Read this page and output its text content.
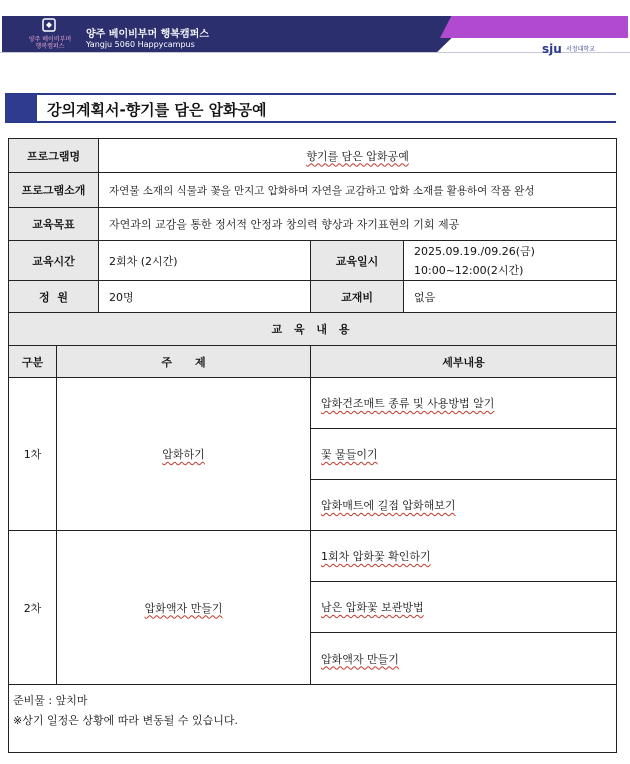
양주 베이비부머 행복캠퍼스
양주 베이비부머 행복캠퍼스
Yangju 5060 Happycampus	sju 서정대학교
강의계획서-향기를 담은 압화공예
프로그램명		향기를 담은 압화공예		
프로그램소개		자연물 소재의 식물과 꽃을 만지고 압화하며 자연을 교감하고 압화 소재를 활용하여 작품 완성		
교육목표		자연과의 교감을 통한 정서적 안정과 창의력 향상과 자기표현의 기회 제공		
교육시간		2회차 (2시간)	교육일시	2025.09.19./09.26(금)
10:00~12:00(2시간)

정  원		20명	교재비	없음
교 육 내 용				
구분	주      제		세부내용	
1차	압화하기		압화건조매트 종류 및 사용방법 알기	
			꽃 물들이기	
			압화매트에 길접 압화해보기	
2차	압화액자 만들기		1회차 압화꽃 확인하기	
			남은 압화꽃 보관방법	
			압화액자 만들기	

준비물 : 앞치마
※상기 일정은 상황에 따라 변동될 수 있습니다.				
